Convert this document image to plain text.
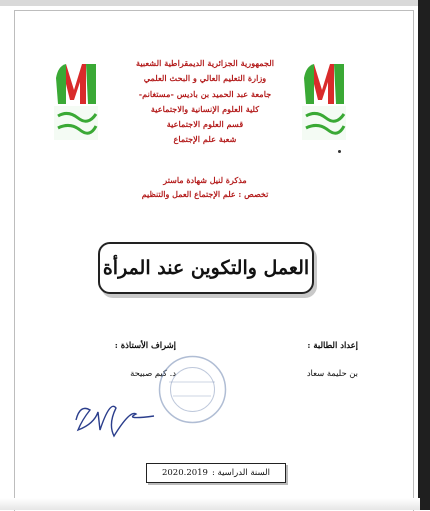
الجمهورية الجزائرية الديمقراطية الشعبية
وزارة التعليم العالي و البحث العلمي
جامعة عبد الحميد بن باديس -مستغانم-
كلية العلوم الإنسانية والاجتماعية
قسم العلوم الاجتماعية
شعبة علم الإجتماع
مذكرة لنيل شهادة ماستر
تخصص : علم الإجتماع العمل والتنظيم
العمل والتكوين عند المرأة
إعداد الطالبة :
إشراف الأستاذة :
بن حليمة سعاد
د. كيم صبيحة
السنة الدراسية :
2020.2019
